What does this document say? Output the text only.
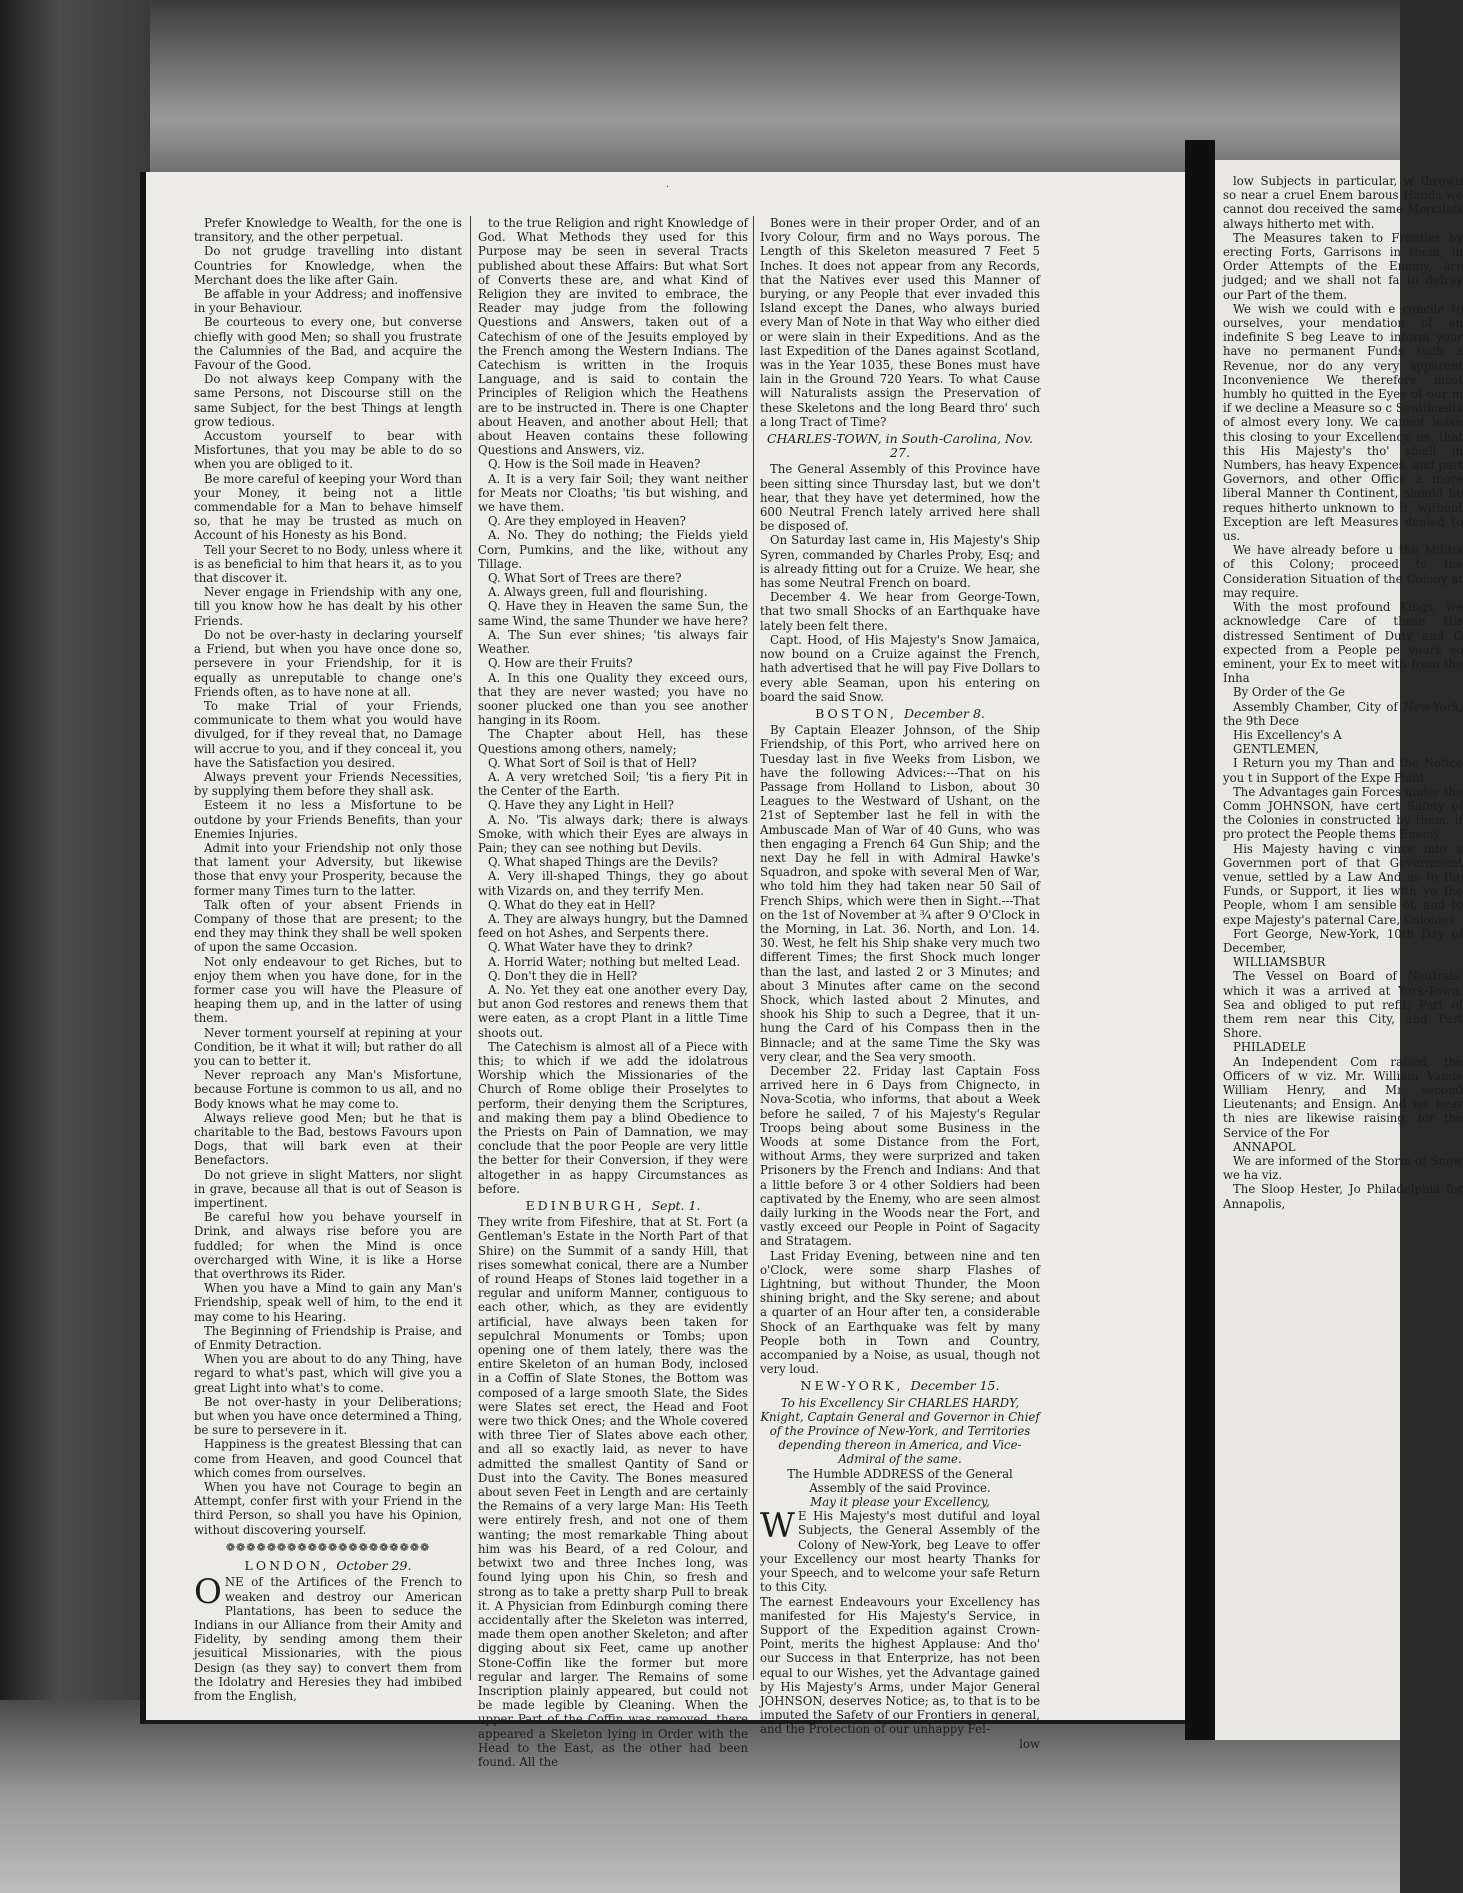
·

Prefer Knowledge to Wealth, for the one is transitory, and the other perpetual.

Do not grudge travelling into distant Countries for Knowledge, when the Merchant does the like after Gain.

Be affable in your Address; and inoffensive in your Behaviour.

Be courteous to every one, but converse chiefly with good Men; so shall you frustrate the Calumnies of the Bad, and acquire the Favour of the Good.

Do not always keep Company with the same Persons, not Discourse still on the same Subject, for the best Things at length grow tedious.

Accustom yourself to bear with Misfortunes, that you may be able to do so when you are obliged to it.

Be more careful of keeping your Word than your Money, it being not a little commendable for a Man to behave himself so, that he may be trusted as much on Account of his Honesty as his Bond.

Tell your Secret to no Body, unless where it is as beneficial to him that hears it, as to you that discover it.

Never engage in Friendship with any one, till you know how he has dealt by his other Friends.

Do not be over-hasty in declaring yourself a Friend, but when you have once done so, persevere in your Friendship, for it is equally as unreputable to change one's Friends often, as to have none at all.

To make Trial of your Friends, communicate to them what you would have divulged, for if they reveal that, no Damage will accrue to you, and if they conceal it, you have the Satisfaction you desired.

Always prevent your Friends Necessities, by supplying them before they shall ask.

Esteem it no less a Misfortune to be outdone by your Friends Benefits, than your Enemies Injuries.

Admit into your Friendship not only those that lament your Adversity, but likewise those that envy your Prosperity, because the former many Times turn to the latter.

Talk often of your absent Friends in Company of those that are present; to the end they may think they shall be well spoken of upon the same Occasion.

Not only endeavour to get Riches, but to enjoy them when you have done, for in the former case you will have the Pleasure of heaping them up, and in the latter of using them.

Never torment yourself at repining at your Condition, be it what it will; but rather do all you can to better it.

Never reproach any Man's Misfortune, because Fortune is common to us all, and no Body knows what he may come to.

Always relieve good Men; but he that is charitable to the Bad, bestows Favours upon Dogs, that will bark even at their Benefactors.

Do not grieve in slight Matters, nor slight in grave, because all that is out of Season is impertinent.

Be careful how you behave yourself in Drink, and always rise before you are fuddled; for when the Mind is once overcharged with Wine, it is like a Horse that overthrows its Rider.

When you have a Mind to gain any Man's Friendship, speak well of him, to the end it may come to his Hearing.

The Beginning of Friendship is Praise, and of Enmity Detraction.

When you are about to do any Thing, have regard to what's past, which will give you a great Light into what's to come.

Be not over-hasty in your Deliberations; but when you have once determined a Thing, be sure to persevere in it.

Happiness is the greatest Blessing that can come from Heaven, and good Councel that which comes from ourselves.

When you have not Courage to begin an Attempt, confer first with your Friend in the third Person, so shall you have his Opinion, without discovering yourself.

❁❁❁❁❁❁❁❁❁❁❁❁❁❁❁❁❁❁❁❁
LONDON, October 29.

ONE of the Artifices of the French to weaken and destroy our American Plantations, has been to seduce the Indians in our Alliance from their Amity and Fidelity, by sending among them their jesuitical Missionaries, with the pious Design (as they say) to convert them from the Idolatry and Heresies they had imbibed from the English,

to the true Religion and right Knowledge of God. What Methods they used for this Purpose may be seen in several Tracts published about these Affairs: But what Sort of Converts these are, and what Kind of Religion they are invited to embrace, the Reader may judge from the following Questions and Answers, taken out of a Catechism of one of the Jesuits employed by the French among the Western Indians. The Catechism is written in the Iroquis Language, and is said to contain the Principles of Religion which the Heathens are to be instructed in. There is one Chapter about Heaven, and another about Hell; that about Heaven contains these following Questions and Answers, viz.

Q. How is the Soil made in Heaven?

A. It is a very fair Soil; they want neither for Meats nor Cloaths; 'tis but wishing, and we have them.

Q. Are they employed in Heaven?

A. No. They do nothing; the Fields yield Corn, Pumkins, and the like, without any Tillage.

Q. What Sort of Trees are there?

A. Always green, full and flourishing.

Q. Have they in Heaven the same Sun, the same Wind, the same Thunder we have here?

A. The Sun ever shines; 'tis always fair Weather.

Q. How are their Fruits?

A. In this one Quality they exceed ours, that they are never wasted; you have no sooner plucked one than you see another hanging in its Room.

The Chapter about Hell, has these Questions among others, namely;

Q. What Sort of Soil is that of Hell?

A. A very wretched Soil; 'tis a fiery Pit in the Center of the Earth.

Q. Have they any Light in Hell?

A. No. 'Tis always dark; there is always Smoke, with which their Eyes are always in Pain; they can see nothing but Devils.

Q. What shaped Things are the Devils?

A. Very ill-shaped Things, they go about with Vizards on, and they terrify Men.

Q. What do they eat in Hell?

A. They are always hungry, but the Damned feed on hot Ashes, and Serpents there.

Q. What Water have they to drink?

A. Horrid Water; nothing but melted Lead.

Q. Don't they die in Hell?

A. No. Yet they eat one another every Day, but anon God restores and renews them that were eaten, as a cropt Plant in a little Time shoots out.

The Catechism is almost all of a Piece with this; to which if we add the idolatrous Worship which the Missionaries of the Church of Rome oblige their Proselytes to perform, their denying them the Scriptures, and making them pay a blind Obedience to the Priests on Pain of Damnation, we may conclude that the poor People are very little the better for their Conversion, if they were altogether in as happy Circumstances as before.

EDINBURGH, Sept. 1.

They write from Fifeshire, that at St. Fort (a Gentleman's Estate in the North Part of that Shire) on the Summit of a sandy Hill, that rises somewhat conical, there are a Number of round Heaps of Stones laid together in a regular and uniform Manner, contiguous to each other, which, as they are evidently artificial, have always been taken for sepulchral Monuments or Tombs; upon opening one of them lately, there was the entire Skeleton of an human Body, inclosed in a Coffin of Slate Stones, the Bottom was composed of a large smooth Slate, the Sides were Slates set erect, the Head and Foot were two thick Ones; and the Whole covered with three Tier of Slates above each other, and all so exactly laid, as never to have admitted the smallest Qantity of Sand or Dust into the Cavity. The Bones measured about seven Feet in Length and are certainly the Remains of a very large Man: His Teeth were entirely fresh, and not one of them wanting; the most remarkable Thing about him was his Beard, of a red Colour, and betwixt two and three Inches long, was found lying upon his Chin, so fresh and strong as to take a pretty sharp Pull to break it. A Physician from Edinburgh coming there accidentally after the Skeleton was interred, made them open another Skeleton; and after digging about six Feet, came up another Stone-Coffin like the former but more regular and larger. The Remains of some Inscription plainly appeared, but could not be made legible by Cleaning. When the upper Part of the Coffin was removed, there appeared a Skeleton lying in Order with the Head to the East, as the other had been found. All the

Bones were in their proper Order, and of an Ivory Colour, firm and no Ways porous. The Length of this Skeleton measured 7 Feet 5 Inches. It does not appear from any Records, that the Natives ever used this Manner of burying, or any People that ever invaded this Island except the Danes, who always buried every Man of Note in that Way who either died or were slain in their Expeditions. And as the last Expedition of the Danes against Scotland, was in the Year 1035, these Bones must have lain in the Ground 720 Years. To what Cause will Naturalists assign the Preservation of these Skeletons and the long Beard thro' such a long Tract of Time?

CHARLES-TOWN, in South-Carolina, Nov. 27.

The General Assembly of this Province have been sitting since Thursday last, but we don't hear, that they have yet determined, how the 600 Neutral French lately arrived here shall be disposed of.

On Saturday last came in, His Majesty's Ship Syren, commanded by Charles Proby, Esq; and is already fitting out for a Cruize. We hear, she has some Neutral French on board.

December 4. We hear from George-Town, that two small Shocks of an Earthquake have lately been felt there.

Capt. Hood, of His Majesty's Snow Jamaica, now bound on a Cruize against the French, hath advertised that he will pay Five Dollars to every able Seaman, upon his entering on board the said Snow.

BOSTON, December 8.

By Captain Eleazer Johnson, of the Ship Friendship, of this Port, who arrived here on Tuesday last in five Weeks from Lisbon, we have the following Advices:---That on his Passage from Holland to Lisbon, about 30 Leagues to the Westward of Ushant, on the 21st of September last he fell in with the Ambuscade Man of War of 40 Guns, who was then engaging a French 64 Gun Ship; and the next Day he fell in with Admiral Hawke's Squadron, and spoke with several Men of War, who told him they had taken near 50 Sail of French Ships, which were then in Sight.---That on the 1st of November at ¾ after 9 O'Clock in the Morning, in Lat. 36. North, and Lon. 14. 30. West, he felt his Ship shake very much two different Times; the first Shock much longer than the last, and lasted 2 or 3 Minutes; and about 3 Minutes after came on the second Shock, which lasted about 2 Minutes, and shook his Ship to such a Degree, that it un-hung the Card of his Compass then in the Binnacle; and at the same Time the Sky was very clear, and the Sea very smooth.

December 22. Friday last Captain Foss arrived here in 6 Days from Chignecto, in Nova-Scotia, who informs, that about a Week before he sailed, 7 of his Majesty's Regular Troops being about some Business in the Woods at some Distance from the Fort, without Arms, they were surprized and taken Prisoners by the French and Indians: And that a little before 3 or 4 other Soldiers had been captivated by the Enemy, who are seen almost daily lurking in the Woods near the Fort, and vastly exceed our People in Point of Sagacity and Stratagem.

Last Friday Evening, between nine and ten o'Clock, were some sharp Flashes of Lightning, but without Thunder, the Moon shining bright, and the Sky serene; and about a quarter of an Hour after ten, a considerable Shock of an Earthquake was felt by many People both in Town and Country, accompanied by a Noise, as usual, though not very loud.

NEW-YORK, December 15.

To his Excellency Sir CHARLES HARDY, Knight, Captain General and Governor in Chief of the Province of New-York, and Territories depending thereon in America, and Vice-Admiral of the same.

The Humble ADDRESS of the General Assembly of the said Province.

May it please your Excellency,

W E His Majesty's most dutiful and loyal Subjects, the General Assembly of the Colony of New-York, beg Leave to offer your Excellency our most hearty Thanks for your Speech, and to welcome your safe Return to this City.

The earnest Endeavours your Excellency has manifested for His Majesty's Service, in Support of the Expedition against Crown-Point, merits the highest Applause: And tho' our Success in that Enterprize, has not been equal to our Wishes, yet the Advantage gained by His Majesty's Arms, under Major General JOHNSON, deserves Notice; as, to that is to be imputed the Safety of our Frontiers in general, and the Protection of our unhappy Fel-

low

low Subjects in particular, w thrown so near a cruel Enem barous Hands we cannot dou received the same Mercilefs always hitherto met with.

The Measures taken to Frontier by erecting Forts, Garrisons in them, in Order Attempts of the Enemy, are judged; and we shall not fa to defray our Part of the them.

We wish we could with e concile to ourselves, your mendation of an indefinite S beg Leave to inform your have no permanent Funds such a Revenue, nor do any very apparent Inconvenience We therefore most humbly ho quitted in the Eyes of our m if we decline a Measure so c Sentiments of almost every lony. We cannot leave this closing to your Excellency, us, that this His Majesty's tho' small in Numbers, has heavy Expences, and part Governors, and other Office a more liberal Manner th Continent, should be reques hitherto unknown to it, without Exception are left Measures denied to us.

We have already before u the Militia of this Colony; proceed to the Consideration Situation of the Colony at may require.

With the most profound Kings, we acknowledge Care of these His distressed Sentiment of Duty and G expected from a People pe vours so eminent, your Ex to meet with from the Inha

By Order of the Ge

Assembly Chamber, City of New-York, the 9th Dece

His Excellency's A

GENTLEMEN,

I Return you my Than and the Notice you t in Support of the Expe Point.

The Advantages gain Forces under the Comm JOHNSON, have cert Safety of the Colonies in constructed by them, if pro protect the People thems Enemy.

His Majesty having c vince into a Governmen port of that Government venue, settled by a Law And as to the Funds, or Support, it lies with yo the People, whom I am sensible of, and to expe Majesty's paternal Care, Colonies.

Fort George, New-York, 10th Day of December,

WILLIAMSBUR

The Vessel on Board of Neutrals, which it was a arrived at York-Town, Sea and obliged to put refit; Part of them rem near this City, and Part Shore.

PHILADELE

An Independent Com raised, the Officers of w viz. Mr. William Vande William Henry, and Mr second Lieutenants; and Ensign. And we hear th nies are likewise raising, for the Service of the For

ANNAPOL

We are informed of the Storm of Snow we ha viz.

The Sloop Hester, Jo Philadelphia for Annapolis,
